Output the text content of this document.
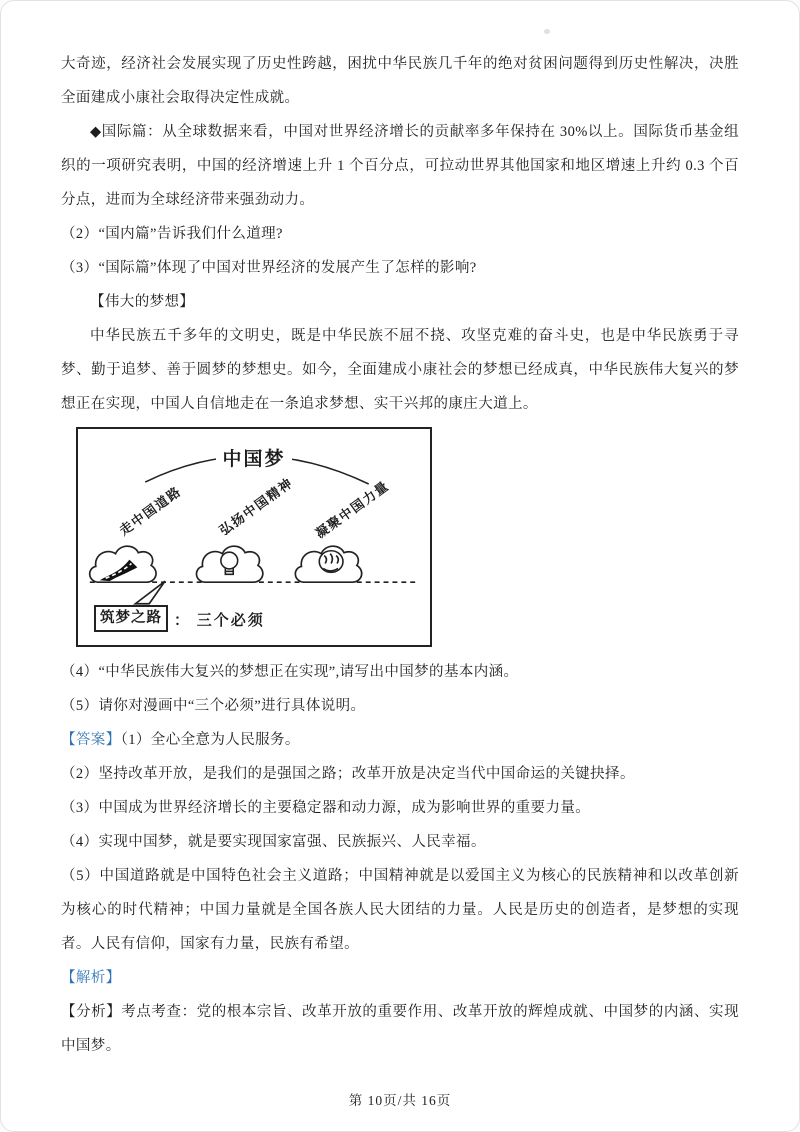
大奇迹，经济社会发展实现了历史性跨越，困扰中华民族几千年的绝对贫困问题得到历史性解决，决胜全面建成小康社会取得决定性成就。

◆国际篇：从全球数据来看，中国对世界经济增长的贡献率多年保持在 30%以上。国际货币基金组织的一项研究表明，中国的经济增速上升 1 个百分点，可拉动世界其他国家和地区增速上升约 0.3 个百分点，进而为全球经济带来强劲动力。

（2）“国内篇”告诉我们什么道理?

（3）“国际篇”体现了中国对世界经济的发展产生了怎样的影响?

【伟大的梦想】

中华民族五千多年的文明史，既是中华民族不屈不挠、攻坚克难的奋斗史，也是中华民族勇于寻梦、勤于追梦、善于圆梦的梦想史。如今，全面建成小康社会的梦想已经成真，中华民族伟大复兴的梦想正在实现，中国人自信地走在一条追求梦想、实干兴邦的康庄大道上。

中国梦
走中国道路	弘扬中国精神 凝聚中国力量
筑梦之路 ： 三个必须

（4）“中华民族伟大复兴的梦想正在实现”,请写出中国梦的基本内涵。

（5）请你对漫画中“三个必须”进行具体说明。

【答案】（1）全心全意为人民服务。

（2）坚持改革开放，是我们的是强国之路；改革开放是决定当代中国命运的关键抉择。

（3）中国成为世界经济增长的主要稳定器和动力源，成为影响世界的重要力量。

（4）实现中国梦，就是要实现国家富强、民族振兴、人民幸福。

（5）中国道路就是中国特色社会主义道路；中国精神就是以爱国主义为核心的民族精神和以改革创新为核心的时代精神；中国力量就是全国各族人民大团结的力量。人民是历史的创造者，是梦想的实现者。人民有信仰，国家有力量，民族有希望。

【解析】

【分析】考点考查：党的根本宗旨、改革开放的重要作用、改革开放的辉煌成就、中国梦的内涵、实现中国梦。

第 10页/共 16页
